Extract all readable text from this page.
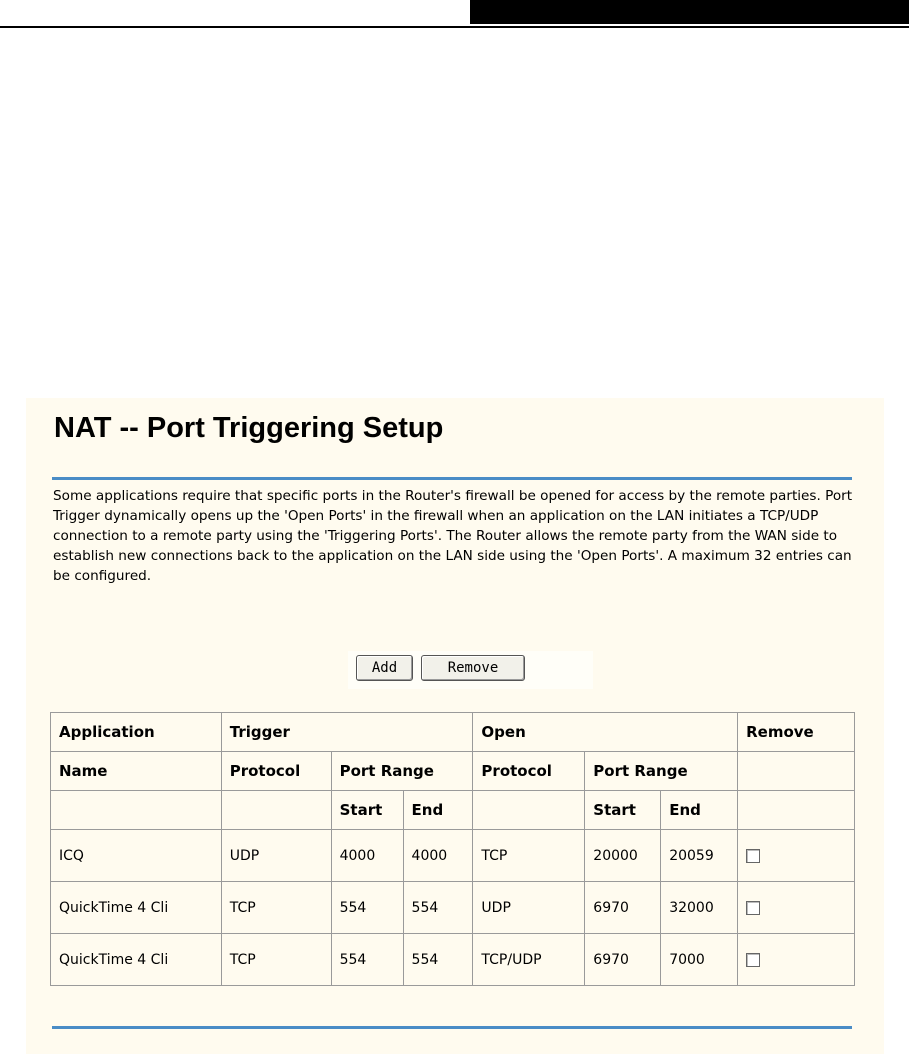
NAT -- Port Triggering Setup

Some applications require that specific ports in the Router's firewall be opened for access by the remote parties. Port Trigger dynamically opens up the 'Open Ports' in the firewall when an application on the LAN initiates a TCP/UDP connection to a remote party using the 'Triggering Ports'. The Router allows the remote party from the WAN side to establish new connections back to the application on the LAN side using the 'Open Ports'. A maximum 32 entries can be configured.

Add	Remove
Application	Trigger			Open			Remove
Name	Protocol	Port Range		Protocol	Port Range		
		Start	End		Start	End	
ICQ	UDP	4000	4000	TCP	20000	20059	
QuickTime 4 Cli	TCP	554	554	UDP	6970	32000	
QuickTime 4 Cli	TCP	554	554	TCP/UDP	6970	7000	
